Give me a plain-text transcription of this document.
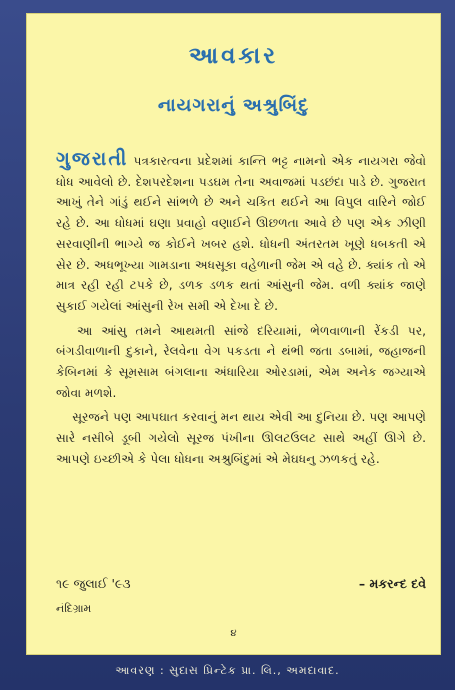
આવકાર
નાયગરાનું અશ્રુબિંદુ

ગુજરાતી પત્રકારત્વના પ્રદેશમાં કાન્તિ ભટ્ટ નામનો એક નાયગરા જેવો ધોધ આવેલો છે. દેશપરદેશના પડઘમ તેના અવાજમાં પડછંદા પાડે છે. ગુજરાત આખું તેને ગાંડું થઈને સાંભળે છે અને ચકિત થઈને આ વિપુલ વારિને જોઈ રહે છે. આ ધોધમાં ઘણા પ્રવાહો વણાઈને ઊછળતા આવે છે પણ એક ઝીણી સરવાણીની ભાગ્યે જ કોઈને ખબર હશે. ધોધની અંતરતમ ખૂણે ધબકતી એ સેર છે. અધભૂખ્યા ગામડાના અધસૂકા વહેળાની જેમ એ વહે છે. ક્યાંક તો એ માત્ર રહી રહી ટપકે છે, ડળક ડળક થતાં આંસુની જેમ. વળી ક્યાંક જાણે સુકાઈ ગયેલાં આંસુની રેખ સમી એ દેખા દે છે.

  આ આંસુ તમને આથમતી સાંજે દરિયામાં, ભેળવાળાની રેંકડી પર, બંગડીવાળાની દુકાને, રેલવેના વેગ પકડતા ને થંભી જતા ડબામાં, જહાજની કેબિનમાં કે સૂમસામ બંગલાના અંધારિયા ઓરડામાં, એમ અનેક જગ્યાએ જોવા મળશે.

  સૂરજને પણ આપઘાત કરવાનું મન થાય એવી આ દુનિયા છે. પણ આપણે સારે નસીબે ડૂબી ગયેલો સૂરજ પંખીના ઊલટઉલટ સાથે અહીં ઊગે છે. આપણે ઇચ્છીએ કે પેલા ધોધના અશ્રુબિંદુમાં એ મેઘધનુ ઝળકતું રહે.

૧૯ જુલાઈ '૯૩	– મકરન્દ દવે
નંદિગ્રામ
૪
આવરણ : સુદાસ પ્રિન્ટેક પ્રા. લિ., અમદાવાદ.
